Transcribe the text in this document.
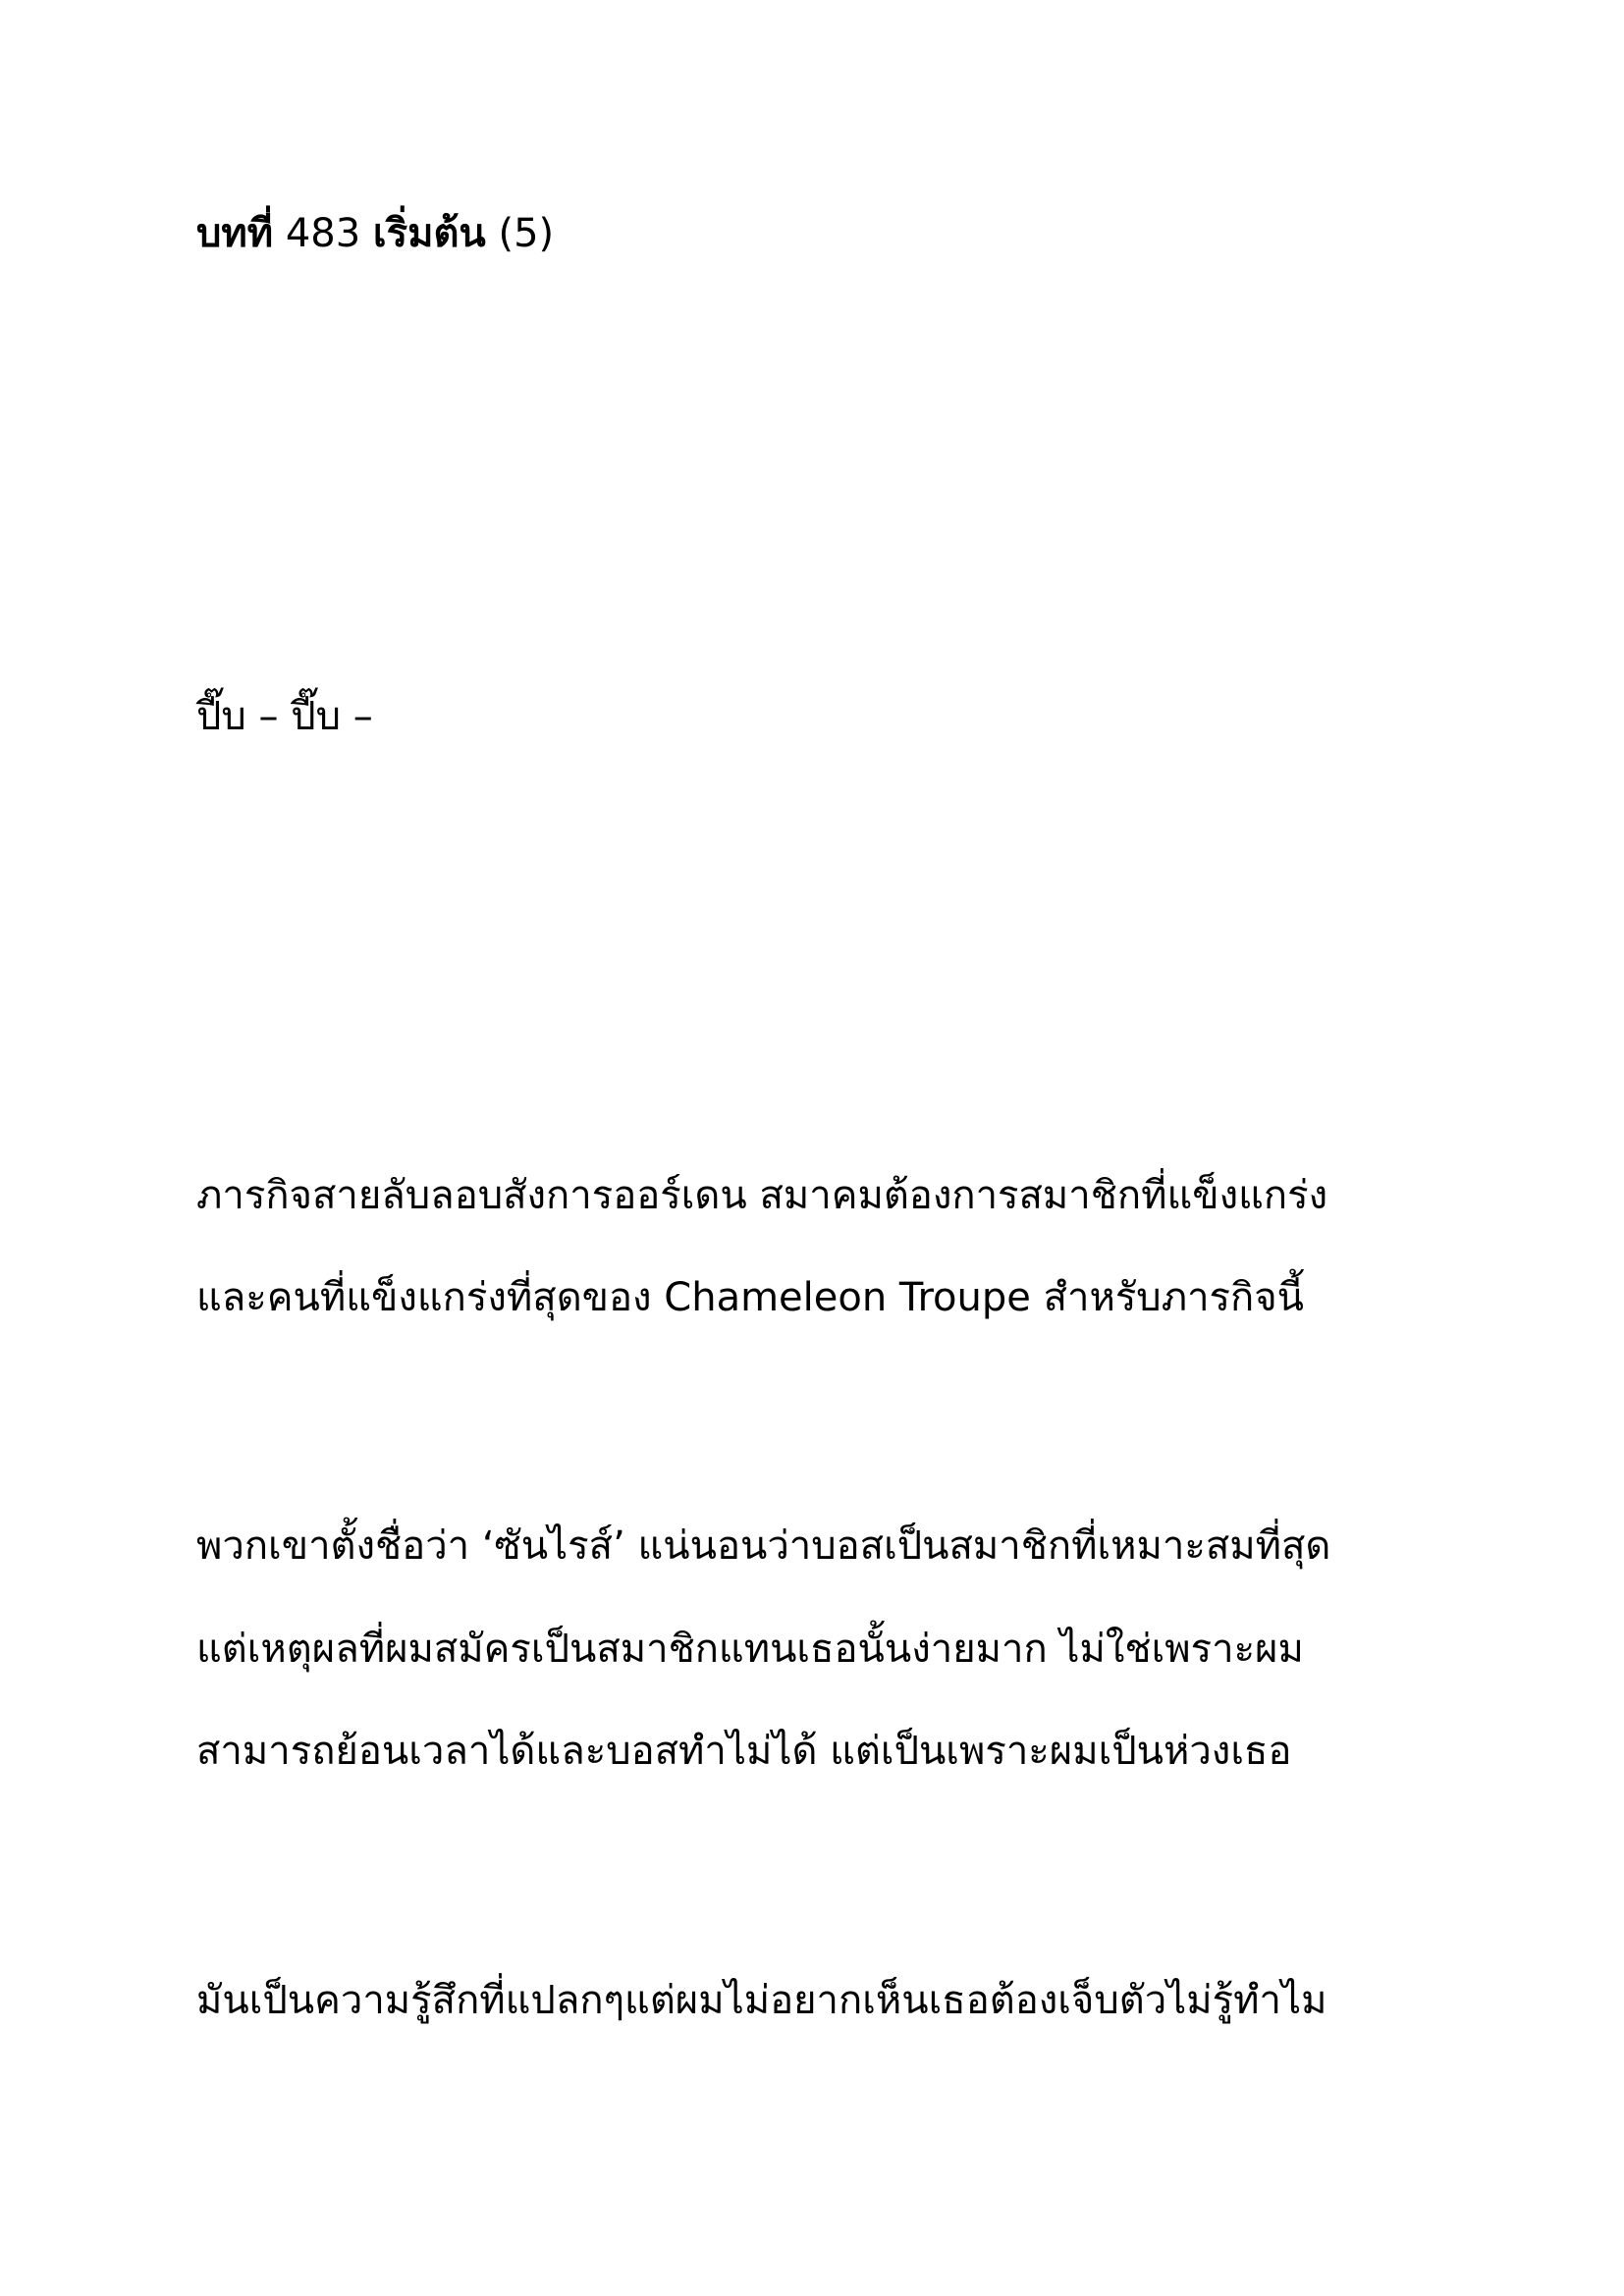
บทที่ 483 เริ่มต้น (5)
ปี๊บ – ปี๊บ –
ภารกิจสายลับลอบสังการออร์เดน สมาคมต้องการสมาชิกที่แข็งแกร่ง
และคนที่แข็งแกร่งที่สุดของ Chameleon Troupe สำหรับภารกิจนี้
พวกเขาตั้งชื่อว่า ‘ซันไรส์’ แน่นอนว่าบอสเป็นสมาชิกที่เหมาะสมที่สุด
แต่เหตุผลที่ผมสมัครเป็นสมาชิกแทนเธอนั้นง่ายมาก ไม่ใช่เพราะผม
สามารถย้อนเวลาได้และบอสทำไม่ได้ แต่เป็นเพราะผมเป็นห่วงเธอ
มันเป็นความรู้สึกที่แปลกๆแต่ผมไม่อยากเห็นเธอต้องเจ็บตัวไม่รู้ทำไม
